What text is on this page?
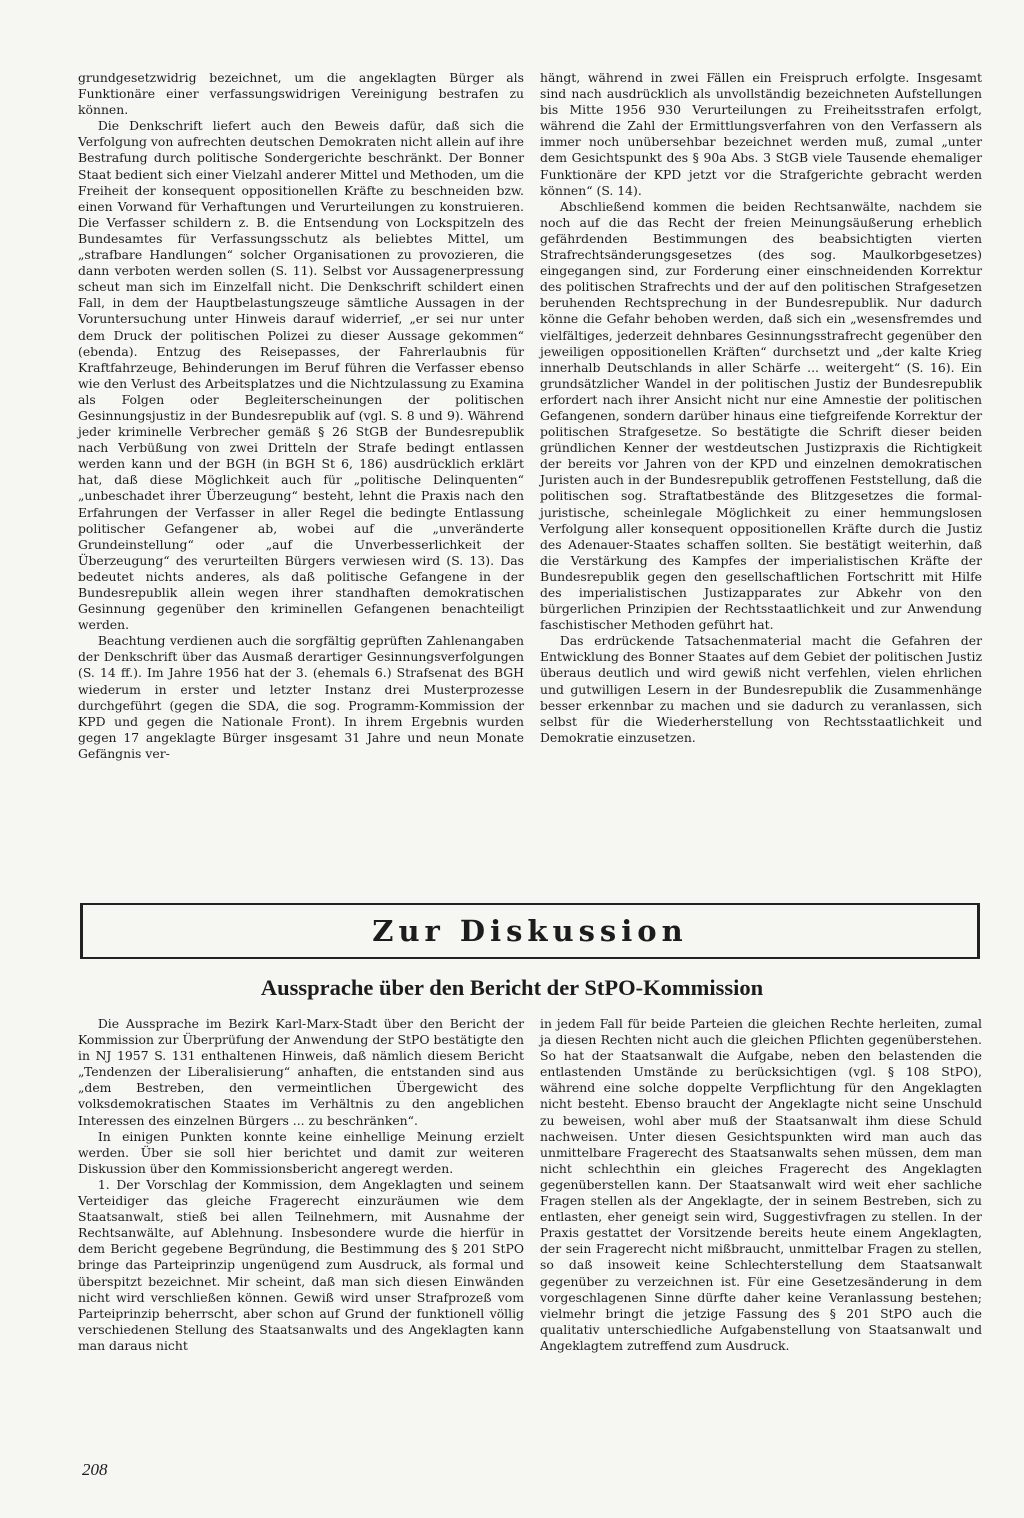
grundgesetzwidrig bezeichnet, um die angeklagten Bürger als Funktionäre einer verfassungswidrigen Vereinigung bestrafen zu können.

Die Denkschrift liefert auch den Beweis dafür, daß sich die Verfolgung von aufrechten deutschen Demokraten nicht allein auf ihre Bestrafung durch politische Sondergerichte beschränkt. Der Bonner Staat bedient sich einer Vielzahl anderer Mittel und Methoden, um die Freiheit der konsequent oppositionellen Kräfte zu beschneiden bzw. einen Vorwand für Verhaftungen und Verurteilungen zu konstruieren. Die Verfasser schildern z. B. die Entsendung von Lockspitzeln des Bundesamtes für Verfassungsschutz als beliebtes Mittel, um „strafbare Handlungen“ solcher Organisationen zu provozieren, die dann verboten werden sollen (S. 11). Selbst vor Aussagenerpressung scheut man sich im Einzelfall nicht. Die Denkschrift schildert einen Fall, in dem der Hauptbelastungszeuge sämtliche Aussagen in der Voruntersuchung unter Hinweis darauf widerrief, „er sei nur unter dem Druck der politischen Polizei zu dieser Aussage gekommen“ (ebenda). Entzug des Reisepasses, der Fahrerlaubnis für Kraftfahrzeuge, Behinderungen im Beruf führen die Verfasser ebenso wie den Verlust des Arbeitsplatzes und die Nichtzulassung zu Examina als Folgen oder Begleiterscheinungen der politischen Gesinnungsjustiz in der Bundesrepublik auf (vgl. S. 8 und 9). Während jeder kriminelle Verbrecher gemäß § 26 StGB der Bundesrepublik nach Verbüßung von zwei Dritteln der Strafe bedingt entlassen werden kann und der BGH (in BGH St 6, 186) ausdrücklich erklärt hat, daß diese Möglichkeit auch für „politische Delinquenten“ „unbeschadet ihrer Überzeugung“ besteht, lehnt die Praxis nach den Erfahrungen der Verfasser in aller Regel die bedingte Entlassung politischer Gefangener ab, wobei auf die „unveränderte Grundeinstellung“ oder „auf die Unverbesserlichkeit der Überzeugung“ des verurteilten Bürgers verwiesen wird (S. 13). Das bedeutet nichts anderes, als daß politische Gefangene in der Bundesrepublik allein wegen ihrer standhaften demokratischen Gesinnung gegenüber den kriminellen Gefangenen benachteiligt werden.

Beachtung verdienen auch die sorgfältig geprüften Zahlenangaben der Denkschrift über das Ausmaß derartiger Gesinnungsverfolgungen (S. 14 ff.). Im Jahre 1956 hat der 3. (ehemals 6.) Strafsenat des BGH wiederum in erster und letzter Instanz drei Musterprozesse durchgeführt (gegen die SDA, die sog. Programm-Kommission der KPD und gegen die Nationale Front). In ihrem Ergebnis wurden gegen 17 angeklagte Bürger insgesamt 31 Jahre und neun Monate Gefängnis ver-

hängt, während in zwei Fällen ein Freispruch erfolgte. Insgesamt sind nach ausdrücklich als unvollständig bezeichneten Aufstellungen bis Mitte 1956 930 Verurteilungen zu Freiheitsstrafen erfolgt, während die Zahl der Ermittlungsverfahren von den Verfassern als immer noch unübersehbar bezeichnet werden muß, zumal „unter dem Gesichtspunkt des § 90a Abs. 3 StGB viele Tausende ehemaliger Funktionäre der KPD jetzt vor die Strafgerichte gebracht werden können“ (S. 14).

Abschließend kommen die beiden Rechtsanwälte, nachdem sie noch auf die das Recht der freien Meinungsäußerung erheblich gefährdenden Bestimmungen des beabsichtigten vierten Strafrechtsänderungsgesetzes (des sog. Maulkorbgesetzes) eingegangen sind, zur Forderung einer einschneidenden Korrektur des politischen Strafrechts und der auf den politischen Strafgesetzen beruhenden Rechtsprechung in der Bundesrepublik. Nur dadurch könne die Gefahr behoben werden, daß sich ein „wesensfremdes und vielfältiges, jederzeit dehnbares Gesinnungsstrafrecht gegenüber den jeweiligen oppositionellen Kräften“ durchsetzt und „der kalte Krieg innerhalb Deutschlands in aller Schärfe ... weitergeht“ (S. 16). Ein grundsätzlicher Wandel in der politischen Justiz der Bundesrepublik erfordert nach ihrer Ansicht nicht nur eine Amnestie der politischen Gefangenen, sondern darüber hinaus eine tiefgreifende Korrektur der politischen Strafgesetze. So bestätigte die Schrift dieser beiden gründlichen Kenner der westdeutschen Justizpraxis die Richtigkeit der bereits vor Jahren von der KPD und einzelnen demokratischen Juristen auch in der Bundesrepublik getroffenen Feststellung, daß die politischen sog. Straftatbestände des Blitzgesetzes die formal-juristische, scheinlegale Möglichkeit zu einer hemmungslosen Verfolgung aller konsequent oppositionellen Kräfte durch die Justiz des Adenauer-Staates schaffen sollten. Sie bestätigt weiterhin, daß die Verstärkung des Kampfes der imperialistischen Kräfte der Bundesrepublik gegen den gesellschaftlichen Fortschritt mit Hilfe des imperialistischen Justizapparates zur Abkehr von den bürgerlichen Prinzipien der Rechtsstaatlichkeit und zur Anwendung faschistischer Methoden geführt hat.

Das erdrückende Tatsachenmaterial macht die Gefahren der Entwicklung des Bonner Staates auf dem Gebiet der politischen Justiz überaus deutlich und wird gewiß nicht verfehlen, vielen ehrlichen und gutwilligen Lesern in der Bundesrepublik die Zusammenhänge besser erkennbar zu machen und sie dadurch zu veranlassen, sich selbst für die Wiederherstellung von Rechtsstaatlichkeit und Demokratie einzusetzen.

Zur Diskussion
Aussprache über den Bericht der StPO-Kommission

Die Aussprache im Bezirk Karl-Marx-Stadt über den Bericht der Kommission zur Überprüfung der Anwendung der StPO bestätigte den in NJ 1957 S. 131 enthaltenen Hinweis, daß nämlich diesem Bericht „Tendenzen der Liberalisierung“ anhaften, die entstanden sind aus „dem Bestreben, den vermeintlichen Übergewicht des volksdemokratischen Staates im Verhältnis zu den angeblichen Interessen des einzelnen Bürgers ... zu beschränken“.

In einigen Punkten konnte keine einhellige Meinung erzielt werden. Über sie soll hier berichtet und damit zur weiteren Diskussion über den Kommissionsbericht angeregt werden.

1. Der Vorschlag der Kommission, dem Angeklagten und seinem Verteidiger das gleiche Fragerecht einzuräumen wie dem Staatsanwalt, stieß bei allen Teilnehmern, mit Ausnahme der Rechtsanwälte, auf Ablehnung. Insbesondere wurde die hierfür in dem Bericht gegebene Begründung, die Bestimmung des § 201 StPO bringe das Parteiprinzip ungenügend zum Ausdruck, als formal und überspitzt bezeichnet. Mir scheint, daß man sich diesen Einwänden nicht wird verschließen können. Gewiß wird unser Strafprozeß vom Parteiprinzip beherrscht, aber schon auf Grund der funktionell völlig verschiedenen Stellung des Staatsanwalts und des Angeklagten kann man daraus nicht

in jedem Fall für beide Parteien die gleichen Rechte herleiten, zumal ja diesen Rechten nicht auch die gleichen Pflichten gegenüberstehen. So hat der Staatsanwalt die Aufgabe, neben den belastenden die entlastenden Umstände zu berücksichtigen (vgl. § 108 StPO), während eine solche doppelte Verpflichtung für den Angeklagten nicht besteht. Ebenso braucht der Angeklagte nicht seine Unschuld zu beweisen, wohl aber muß der Staatsanwalt ihm diese Schuld nachweisen. Unter diesen Gesichtspunkten wird man auch das unmittelbare Fragerecht des Staatsanwalts sehen müssen, dem man nicht schlechthin ein gleiches Fragerecht des Angeklagten gegenüberstellen kann. Der Staatsanwalt wird weit eher sachliche Fragen stellen als der Angeklagte, der in seinem Bestreben, sich zu entlasten, eher geneigt sein wird, Suggestivfragen zu stellen. In der Praxis gestattet der Vorsitzende bereits heute einem Angeklagten, der sein Fragerecht nicht mißbraucht, unmittelbar Fragen zu stellen, so daß insoweit keine Schlechterstellung dem Staatsanwalt gegenüber zu verzeichnen ist. Für eine Gesetzesänderung in dem vorgeschlagenen Sinne dürfte daher keine Veranlassung bestehen; vielmehr bringt die jetzige Fassung des § 201 StPO auch die qualitativ unterschiedliche Aufgabenstellung von Staatsanwalt und Angeklagtem zutreffend zum Ausdruck.

208
